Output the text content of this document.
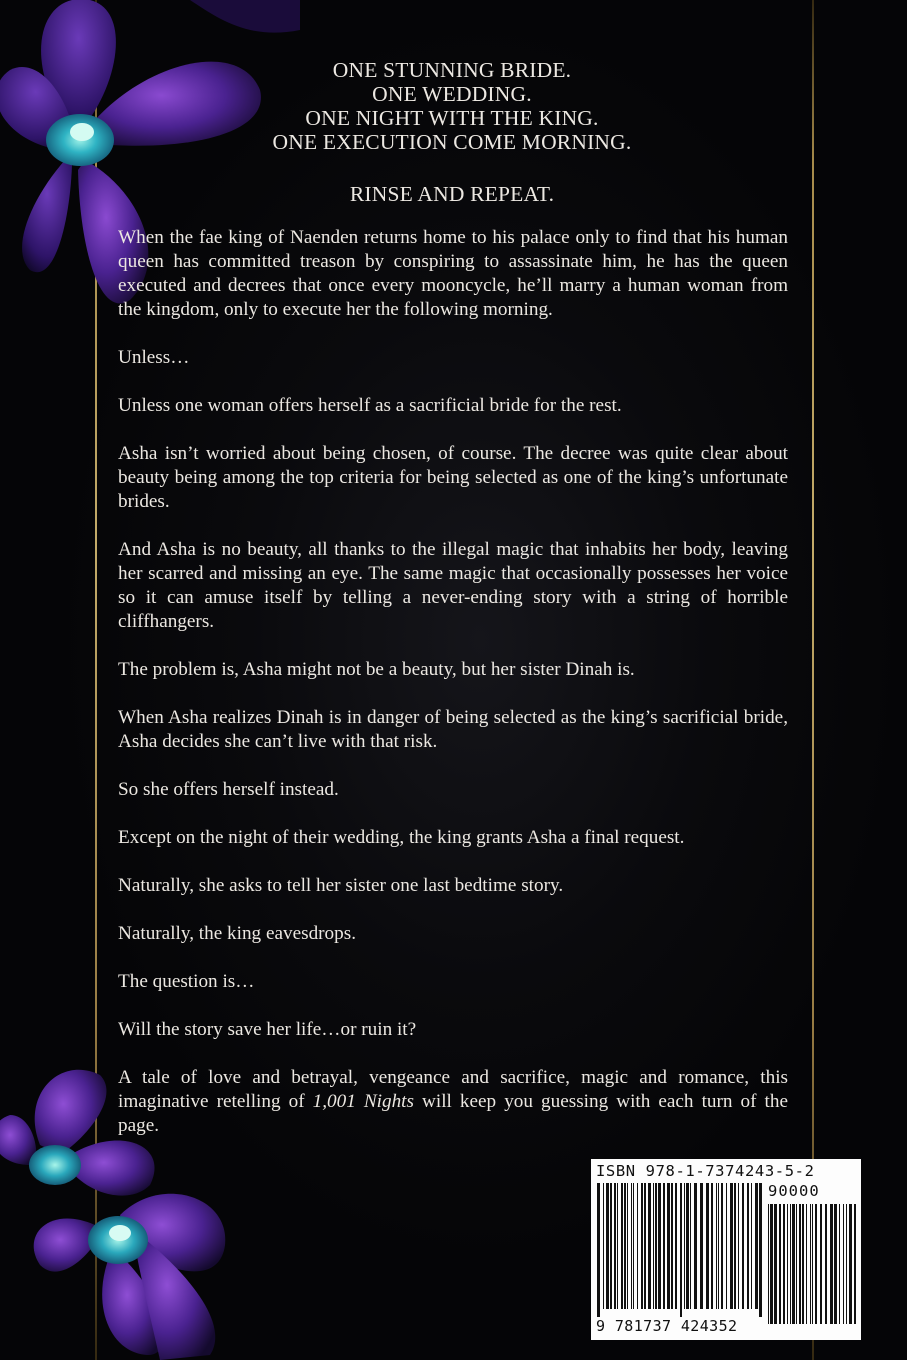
ONE STUNNING BRIDE.
ONE WEDDING.
ONE NIGHT WITH THE KING.
ONE EXECUTION COME MORNING.
RINSE AND REPEAT.

When the fae king of Naenden returns home to his palace only to find that his human queen has committed treason by conspiring to assassinate him, he has the queen executed and decrees that once every mooncycle, he’ll marry a human woman from the kingdom, only to execute her the following morning.

Unless…

Unless one woman offers herself as a sacrificial bride for the rest.

Asha isn’t worried about being chosen, of course. The decree was quite clear about beauty being among the top criteria for being selected as one of the king’s unfortunate brides.

And Asha is no beauty, all thanks to the illegal magic that inhabits her body, leaving her scarred and missing an eye. The same magic that occasionally possesses her voice so it can amuse itself by telling a never-ending story with a string of horrible cliffhangers.

The problem is, Asha might not be a beauty, but her sister Dinah is.

When Asha realizes Dinah is in danger of being selected as the king’s sacrificial bride, Asha decides she can’t live with that risk.

So she offers herself instead.

Except on the night of their wedding, the king grants Asha a final request.

Naturally, she asks to tell her sister one last bedtime story.

Naturally, the king eavesdrops.

The question is…

Will the story save her life…or ruin it?

A tale of love and betrayal, vengeance and sacrifice, magic and romance, this imaginative retelling of 1,001 Nights will keep you guessing with each turn of the page.

ISBN 978-1-7374243-5-2
90000
9 781737 424352
